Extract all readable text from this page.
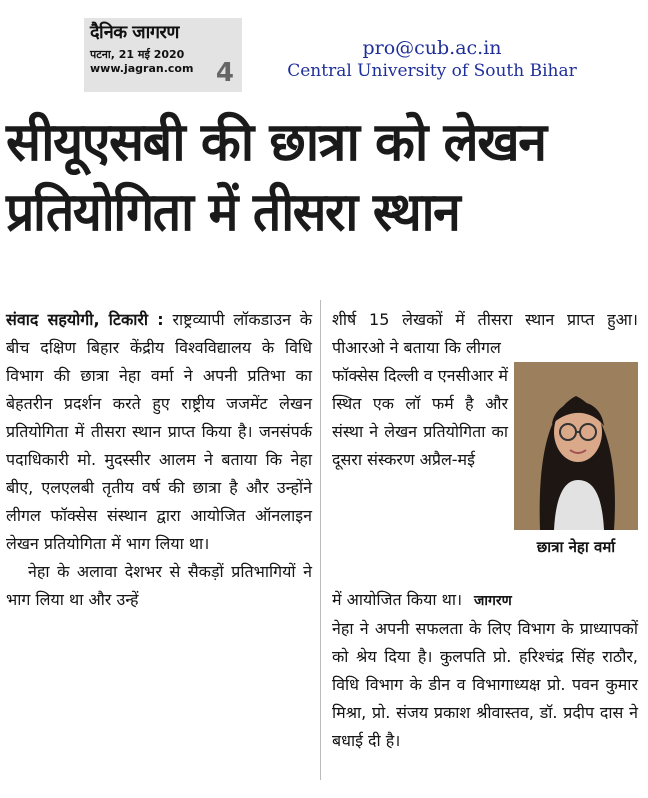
दैनिक जागरण
पटना, 21 मई 2020
www.jagran.com 4
pro@cub.ac.in
Central University of South Bihar
सीयूएसबी की छात्रा को लेखन
प्रतियोगिता में तीसरा स्थान

संवाद सहयोगी, टिकारी : राष्ट्रव्यापी लॉकडाउन के बीच दक्षिण बिहार केंद्रीय विश्वविद्यालय के विधि विभाग की छात्रा नेहा वर्मा ने अपनी प्रतिभा का बेहतरीन प्रदर्शन करते हुए राष्ट्रीय जजमेंट लेखन प्रतियोगिता में तीसरा स्थान प्राप्त किया है। जनसंपर्क पदाधिकारी मो. मुदस्सीर आलम ने बताया कि नेहा बीए, एलएलबी तृतीय वर्ष की छात्रा है और उन्होंने लीगल फॉक्सेस संस्थान द्वारा आयोजित ऑनलाइन लेखन प्रतियोगिता में भाग लिया था।

नेहा के अलावा देशभर से सैकड़ों प्रतिभागियों ने भाग लिया था और उन्हें

शीर्ष 15 लेखकों में तीसरा स्थान प्राप्त हुआ। पीआरओ ने बताया कि लीगल
फॉक्सेस दिल्ली व एनसीआर में स्थित एक लॉ फर्म है और संस्था ने लेखन प्रतियोगिता का दूसरा संस्करण अप्रैल-मई
छात्रा नेहा वर्मा

में आयोजित किया था। जागरण

नेहा ने अपनी सफलता के लिए विभाग के प्राध्यापकों को श्रेय दिया है। कुलपति प्रो. हरिश्चंद्र सिंह राठौर, विधि विभाग के डीन व विभागाध्यक्ष प्रो. पवन कुमार मिश्रा, प्रो. संजय प्रकाश श्रीवास्तव, डॉ. प्रदीप दास ने बधाई दी है।
